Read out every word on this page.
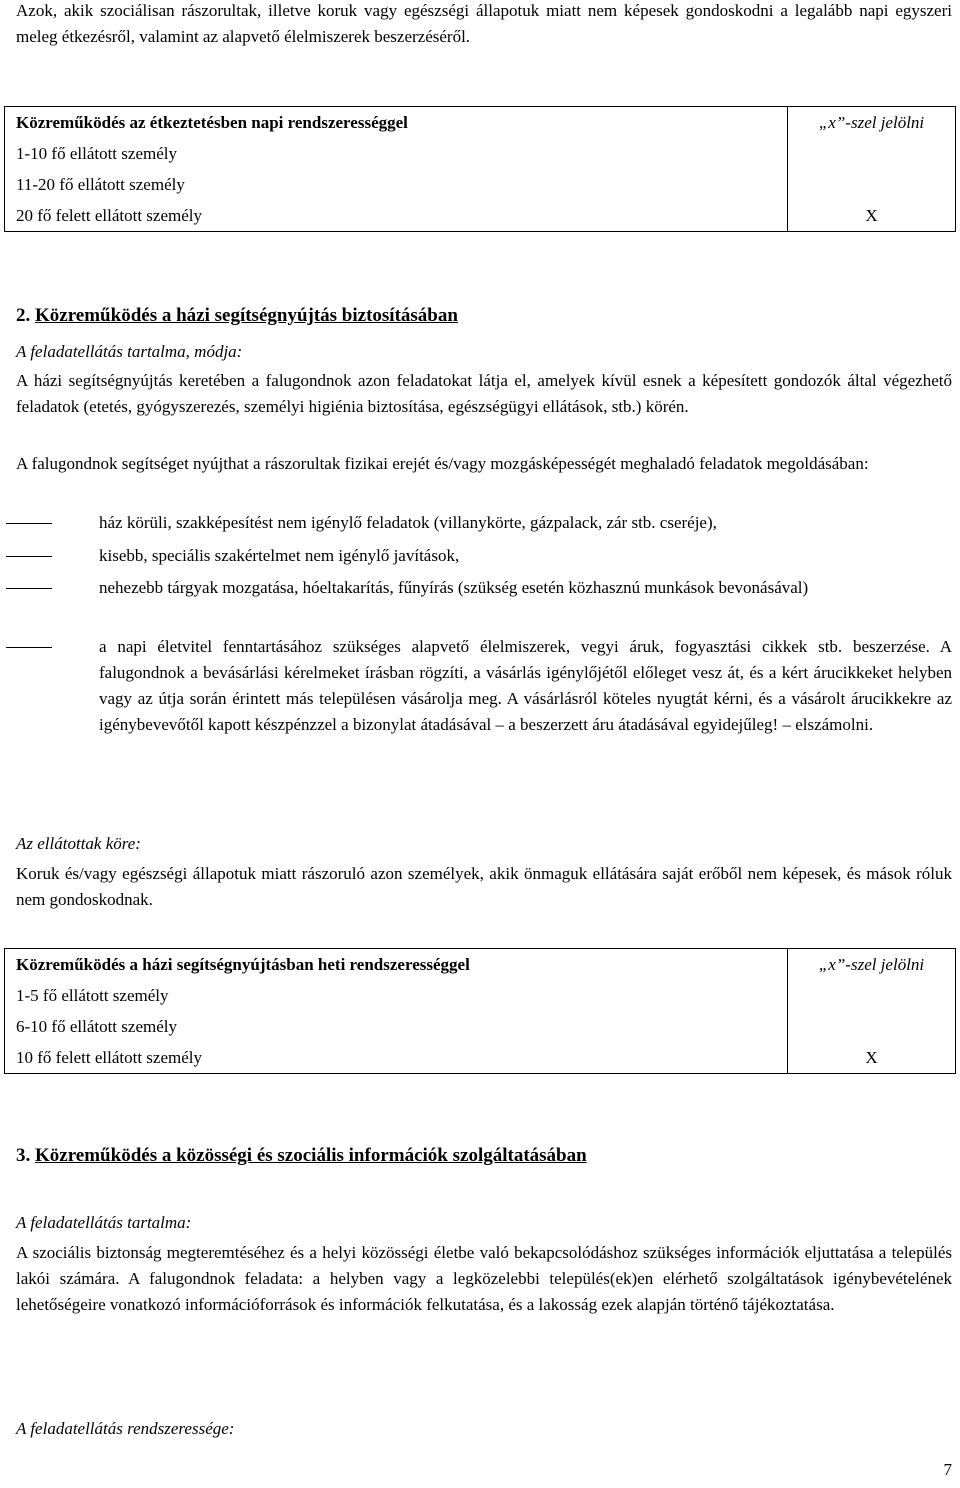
Azok, akik szociálisan rászorultak, illetve koruk vagy egészségi állapotuk miatt nem képesek gondoskodni a legalább napi egyszeri meleg étkezésről, valamint az alapvető élelmiszerek beszerzéséről.
Közreműködés az étkeztetésben napi rendszerességgel	„x”-szel jelölni
1-10 fő ellátott személy	
11-20 fő ellátott személy	
20 fő felett ellátott személy	X
2. Közreműködés a házi segítségnyújtás biztosításában
A feladatellátás tartalma, módja:
A házi segítségnyújtás keretében a falugondnok azon feladatokat látja el, amelyek kívül esnek a képesített gondozók által végezhető feladatok (etetés, gyógyszerezés, személyi higiénia biztosítása, egészségügyi ellátások, stb.) körén.
A falugondnok segítséget nyújthat a rászorultak fizikai erejét és/vagy mozgásképességét meghaladó feladatok megoldásában:
ház körüli, szakképesítést nem igénylő feladatok (villanykörte, gázpalack, zár stb. cseréje),
kisebb, speciális szakértelmet nem igénylő javítások,
nehezebb tárgyak mozgatása, hóeltakarítás, fűnyírás (szükség esetén közhasznú munkások bevonásával)
a napi életvitel fenntartásához szükséges alapvető élelmiszerek, vegyi áruk, fogyasztási cikkek stb. beszerzése. A falugondnok a bevásárlási kérelmeket írásban rögzíti, a vásárlás igénylőjétől előleget vesz át, és a kért árucikkeket helyben vagy az útja során érintett más településen vásárolja meg. A vásárlásról köteles nyugtát kérni, és a vásárolt árucikkekre az igénybevevőtől kapott készpénzzel a bizonylat átadásával – a beszerzett áru átadásával egyidejűleg! – elszámolni.
Az ellátottak köre:
Koruk és/vagy egészségi állapotuk miatt rászoruló azon személyek, akik önmaguk ellátására saját erőből nem képesek, és mások róluk nem gondoskodnak.
Közreműködés a házi segítségnyújtásban heti rendszerességgel	„x”-szel jelölni
1-5 fő ellátott személy	
6-10 fő ellátott személy	
10 fő felett ellátott személy	X
3. Közreműködés a közösségi és szociális információk szolgáltatásában
A feladatellátás tartalma:
A szociális biztonság megteremtéséhez és a helyi közösségi életbe való bekapcsolódáshoz szükséges információk eljuttatása a település lakói számára. A falugondnok feladata: a helyben vagy a legközelebbi település(ek)en elérhető szolgáltatások igénybevételének lehetőségeire vonatkozó információforrások és információk felkutatása, és a lakosság ezek alapján történő tájékoztatása.
A feladatellátás rendszeressége:
7
